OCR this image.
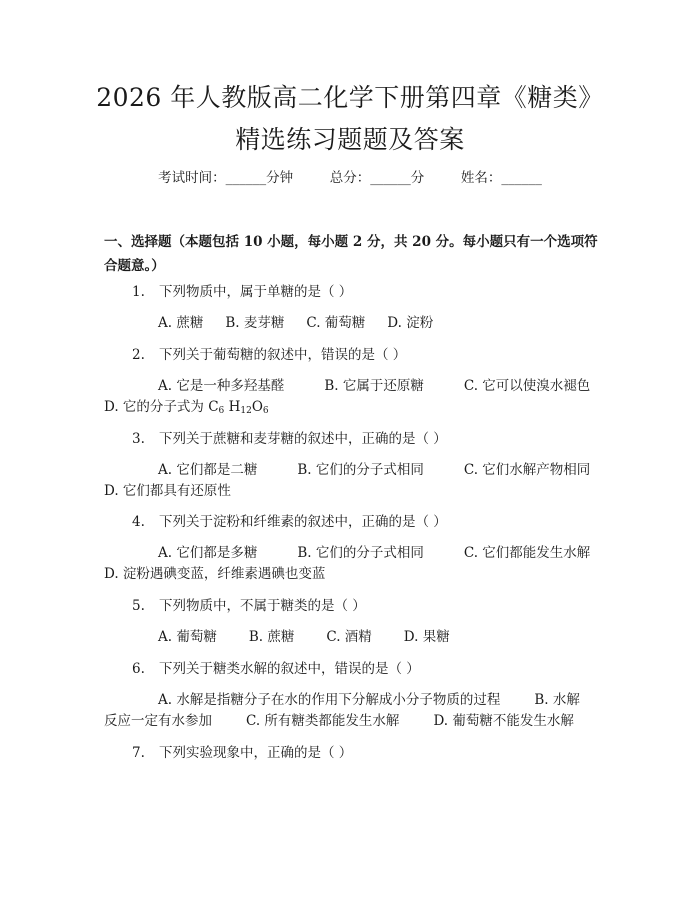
2026 年人教版高二化学下册第四章《糖类》
精选练习题题及答案
考试时间：______分钟	总分：______分	姓名：______
一、选择题（本题包括 10 小题，每小题 2 分，共 20 分。每小题只有一个选项符
合题意。）
1. 下列物质中，属于单糖的是（ ）
A. 蔗糖 B. 麦芽糖 C. 葡萄糖 D. 淀粉
2. 下列关于葡萄糖的叙述中，错误的是（ ）
A. 它是一种多羟基醛	B. 它属于还原糖	C. 它可以使溴水褪色
D. 它的分子式为 $C_6$ $H_{12}O_6$
3. 下列关于蔗糖和麦芽糖的叙述中，正确的是（ ）
A. 它们都是二糖	B. 它们的分子式相同	C. 它们水解产物相同
D. 它们都具有还原性
4. 下列关于淀粉和纤维素的叙述中，正确的是（ ）
A. 它们都是多糖	B. 它们的分子式相同	C. 它们都能发生水解
D. 淀粉遇碘变蓝，纤维素遇碘也变蓝
5. 下列物质中，不属于糖类的是（ ）
A. 葡萄糖 B. 蔗糖 C. 酒精 D. 果糖
6. 下列关于糖类水解的叙述中，错误的是（ ）
A. 水解是指糖分子在水的作用下分解成小分子物质的过程	B. 水解
反应一定有水参加	C. 所有糖类都能发生水解	D. 葡萄糖不能发生水解
7. 下列实验现象中，正确的是（ ）
